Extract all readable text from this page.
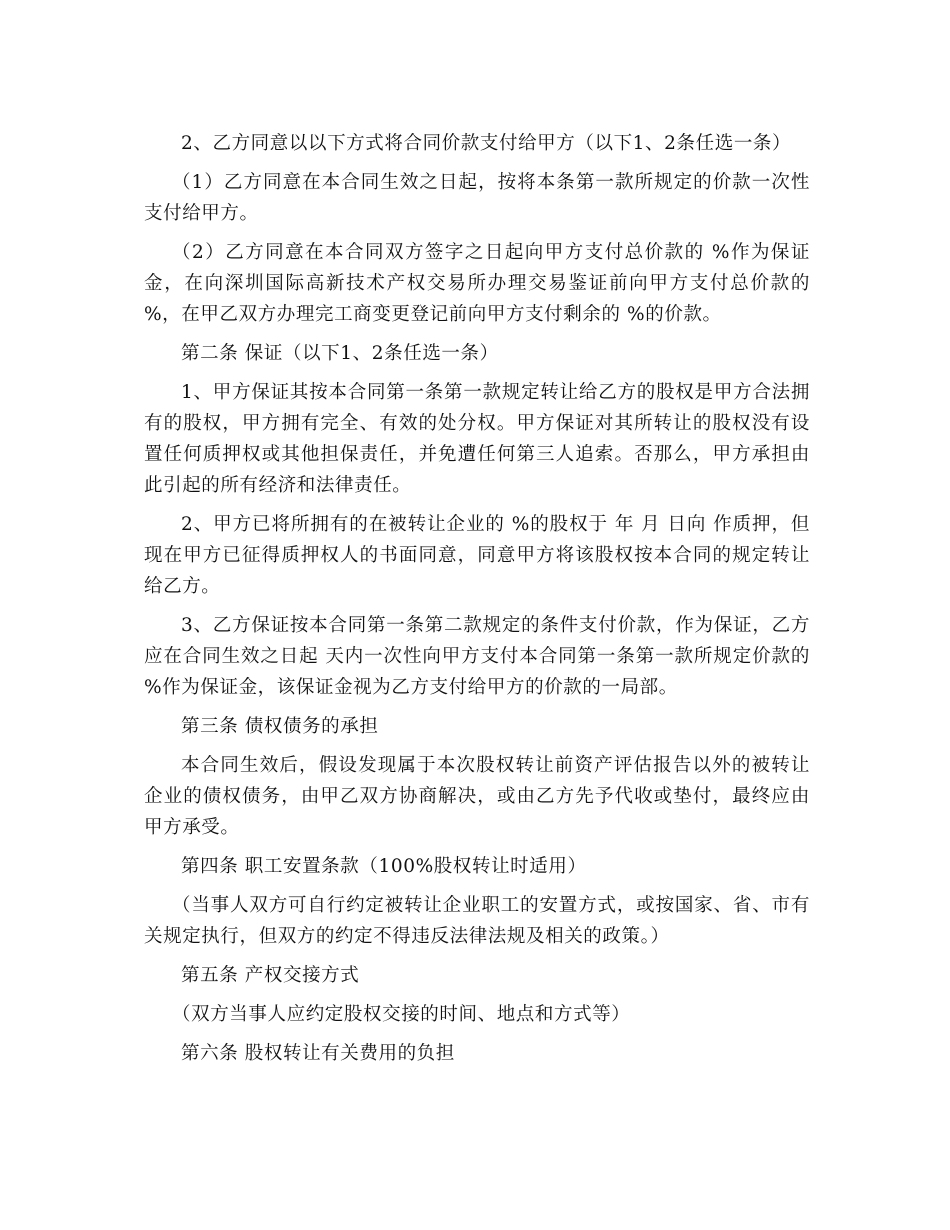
2、乙方同意以以下方式将合同价款支付给甲方（以下1、2条任选一条）

（1）乙方同意在本合同生效之日起，按将本条第一款所规定的价款一次性支付给甲方。

（2）乙方同意在本合同双方签字之日起向甲方支付总价款的 %作为保证金，在向深圳国际高新技术产权交易所办理交易鉴证前向甲方支付总价款的 %，在甲乙双方办理完工商变更登记前向甲方支付剩余的 %的价款。

第二条 保证（以下1、2条任选一条）

1、甲方保证其按本合同第一条第一款规定转让给乙方的股权是甲方合法拥有的股权，甲方拥有完全、有效的处分权。甲方保证对其所转让的股权没有设置任何质押权或其他担保责任，并免遭任何第三人追索。否那么，甲方承担由此引起的所有经济和法律责任。

2、甲方已将所拥有的在被转让企业的 %的股权于 年 月 日向 作质押，但现在甲方已征得质押权人的书面同意，同意甲方将该股权按本合同的规定转让给乙方。

3、乙方保证按本合同第一条第二款规定的条件支付价款，作为保证，乙方应在合同生效之日起 天内一次性向甲方支付本合同第一条第一款所规定价款的 %作为保证金，该保证金视为乙方支付给甲方的价款的一局部。

第三条 债权债务的承担

本合同生效后，假设发现属于本次股权转让前资产评估报告以外的被转让企业的债权债务，由甲乙双方协商解决，或由乙方先予代收或垫付，最终应由甲方承受。

第四条 职工安置条款（100%股权转让时适用）

（当事人双方可自行约定被转让企业职工的安置方式，或按国家、省、市有关规定执行，但双方的约定不得违反法律法规及相关的政策。）

第五条 产权交接方式

（双方当事人应约定股权交接的时间、地点和方式等）

第六条 股权转让有关费用的负担
